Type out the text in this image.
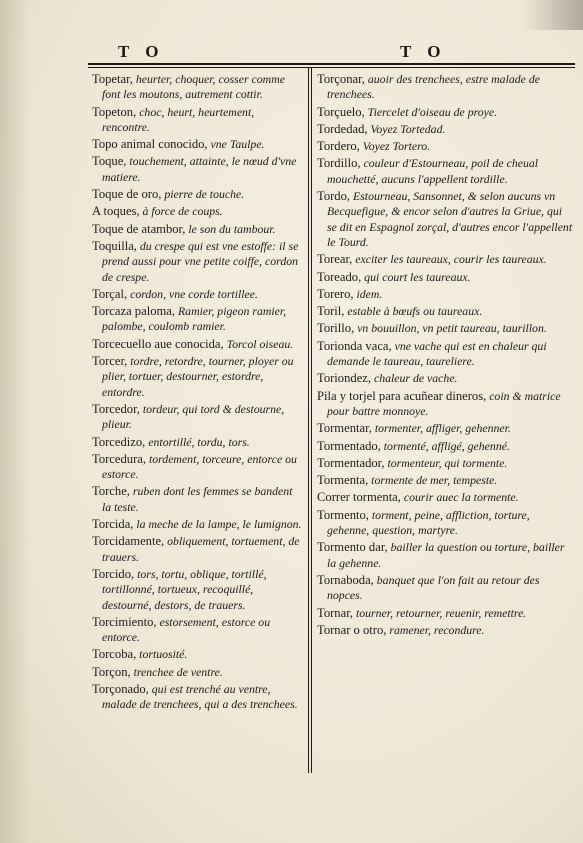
T O	T O
Topetar, heurter, choquer, cosser comme font les moutons, autrement cottir.
Topeton, choc, heurt, heurtement, rencontre.
Topo animal conocido, vne Taulpe.
Toque, touchement, attainte, le nœud d'vne matiere.
Toque de oro, pierre de touche.
A toques, à force de coups.
Toque de atambor, le son du tambour.
Toquilla, du crespe qui est vne estoffe: il se prend aussi pour vne petite coiffe, cordon de crespe.
Torçal, cordon, vne corde tortillee.
Torcaza paloma, Ramier, pigeon ramier, palombe, coulomb ramier.
Torcecuello aue conocida, Torcol oiseau.
Torcer, tordre, retordre, tourner, ployer ou plier, tortuer, destourner, estordre, entordre.
Torcedor, tordeur, qui tord & destourne, plieur.
Torcedizo, entortillé, tordu, tors.
Torcedura, tordement, torceure, entorce ou estorce.
Torche, ruben dont les femmes se bandent la teste.
Torcida, la meche de la lampe, le lumignon.
Torcidamente, obliquement, tortuement, de trauers.
Torcido, tors, tortu, oblique, tortillé, tortillonné, tortueux, recoquillé, destourné, destors, de trauers.
Torcimiento, estorsement, estorce ou entorce.
Torcoba, tortuosité.
Torçon, trenchee de ventre.
Torçonado, qui est trenché au ventre, malade de trenchees, qui a des trenchees.
Torçonar, auoir des trenchees, estre malade de trenchees.
Torçuelo, Tiercelet d'oiseau de proye.
Tordedad, Voyez Tortedad.
Tordero, Voyez Tortero.
Tordillo, couleur d'Estourneau, poil de cheual mouchetté, aucuns l'appellent tordille.
Tordo, Estourneau, Sansonnet, & selon aucuns vn Becquefigue, & encor selon d'autres la Griue, qui se dit en Espagnol zorçal, d'autres encor l'appellent le Tourd.
Torear, exciter les taureaux, courir les taureaux.
Toreado, qui court les taureaux.
Torero, idem.
Toril, estable à bœufs ou taureaux.
Torillo, vn bouuillon, vn petit taureau, taurillon.
Torionda vaca, vne vache qui est en chaleur qui demande le taureau, taureliere.
Toriondez, chaleur de vache.
Pila y torjel para acuñear dineros, coin & matrice pour battre monnoye.
Tormentar, tormenter, affliger, gehenner.
Tormentado, tormenté, affligé, gehenné.
Tormentador, tormenteur, qui tormente.
Tormenta, tormente de mer, tempeste.
Correr tormenta, courir auec la tormente.
Tormento, torment, peine, affliction, torture, gehenne, question, martyre.
Tormento dar, bailler la question ou torture, bailler la gehenne.
Tornaboda, banquet que l'on fait au retour des nopces.
Tornar, tourner, retourner, reuenir, remettre.
Tornar o otro, ramener, recondure.
